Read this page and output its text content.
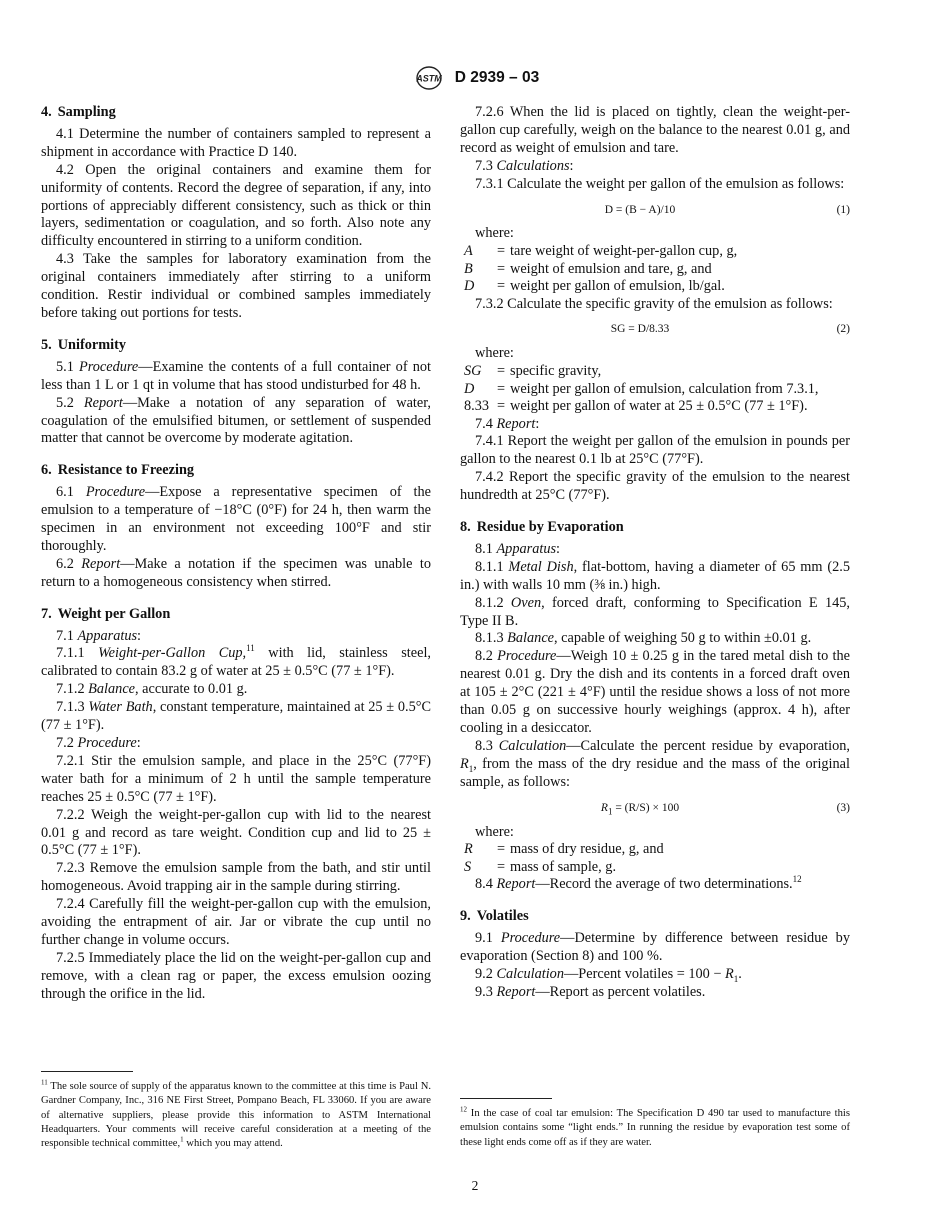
ASTM D 2939 – 03
4. Sampling

4.1 Determine the number of containers sampled to represent a shipment in accordance with Practice D 140.

4.2 Open the original containers and examine them for uniformity of contents. Record the degree of separation, if any, into portions of appreciably different consistency, such as thick or thin layers, sedimentation or coagulation, and so forth. Also note any difficulty encountered in stirring to a uniform condition.

4.3 Take the samples for laboratory examination from the original containers immediately after stirring to a uniform condition. Restir individual or combined samples immediately before taking out portions for tests.

5. Uniformity

5.1 Procedure—Examine the contents of a full container of not less than 1 L or 1 qt in volume that has stood undisturbed for 48 h.

5.2 Report—Make a notation of any separation of water, coagulation of the emulsified bitumen, or settlement of suspended matter that cannot be overcome by moderate agitation.

6. Resistance to Freezing

6.1 Procedure—Expose a representative specimen of the emulsion to a temperature of −18°C (0°F) for 24 h, then warm the specimen in an environment not exceeding 100°F and stir thoroughly.

6.2 Report—Make a notation if the specimen was unable to return to a homogeneous consistency when stirred.

7. Weight per Gallon

7.1 Apparatus:

7.1.1 Weight-per-Gallon Cup,$^{11}$ with lid, stainless steel, calibrated to contain 83.2 g of water at 25 ± 0.5°C (77 ± 1°F).

7.1.2 Balance, accurate to 0.01 g.

7.1.3 Water Bath, constant temperature, maintained at 25 ± 0.5°C (77 ± 1°F).

7.2 Procedure:

7.2.1 Stir the emulsion sample, and place in the 25°C (77°F) water bath for a minimum of 2 h until the sample temperature reaches 25 ± 0.5°C (77 ± 1°F).

7.2.2 Weigh the weight-per-gallon cup with lid to the nearest 0.01 g and record as tare weight. Condition cup and lid to 25 ± 0.5°C (77 ± 1°F).

7.2.3 Remove the emulsion sample from the bath, and stir until homogeneous. Avoid trapping air in the sample during stirring.

7.2.4 Carefully fill the weight-per-gallon cup with the emulsion, avoiding the entrapment of air. Jar or vibrate the cup until no further change in volume occurs.

7.2.5 Immediately place the lid on the weight-per-gallon cup and remove, with a clean rag or paper, the excess emulsion oozing through the orifice in the lid.

$^{11}$ The sole source of supply of the apparatus known to the committee at this time is Paul N. Gardner Company, Inc., 316 NE First Street, Pompano Beach, FL 33060. If you are aware of alternative suppliers, please provide this information to ASTM International Headquarters. Your comments will receive careful consideration at a meeting of the responsible technical committee,$^1$ which you may attend.

7.2.6 When the lid is placed on tightly, clean the weight-per-gallon cup carefully, weigh on the balance to the nearest 0.01 g, and record as weight of emulsion and tare.

7.3 Calculations:

7.3.1 Calculate the weight per gallon of the emulsion as follows:

D = (B − A)/10	(1)

where:

A	=	tare weight of weight-per-gallon cup, g,
B	=	weight of emulsion and tare, g, and
D	=	weight per gallon of emulsion, lb/gal.

7.3.2 Calculate the specific gravity of the emulsion as follows:

SG = D/8.33	(2)

where:

SG	=	specific gravity,
D	=	weight per gallon of emulsion, calculation from 7.3.1,
8.33	=	weight per gallon of water at 25 ± 0.5°C (77 ± 1°F).

7.4 Report:

7.4.1 Report the weight per gallon of the emulsion in pounds per gallon to the nearest 0.1 lb at 25°C (77°F).

7.4.2 Report the specific gravity of the emulsion to the nearest hundredth at 25°C (77°F).

8. Residue by Evaporation

8.1 Apparatus:

8.1.1 Metal Dish, flat-bottom, having a diameter of 65 mm (2.5 in.) with walls 10 mm (⅜ in.) high.

8.1.2 Oven, forced draft, conforming to Specification E 145, Type II B.

8.1.3 Balance, capable of weighing 50 g to within ±0.01 g.

8.2 Procedure—Weigh 10 ± 0.25 g in the tared metal dish to the nearest 0.01 g. Dry the dish and its contents in a forced draft oven at 105 ± 2°C (221 ± 4°F) until the residue shows a loss of not more than 0.05 g on successive hourly weighings (approx. 4 h), after cooling in a desiccator.

8.3 Calculation—Calculate the percent residue by evaporation, $R_1$, from the mass of the dry residue and the mass of the original sample, as follows:

$R_1 = (R/S) \times 100$	(3)

where:

R	=	mass of dry residue, g, and
S	=	mass of sample, g.

8.4 Report—Record the average of two determinations.$^{12}$

9. Volatiles

9.1 Procedure—Determine by difference between residue by evaporation (Section 8) and 100 %.

9.2 Calculation—Percent volatiles = $100 - R_1$.

9.3 Report—Report as percent volatiles.

$^{12}$ In the case of coal tar emulsion: The Specification D 490 tar used to manufacture this emulsion contains some “light ends.” In running the residue by evaporation test some of these light ends come off as if they are water.
2
